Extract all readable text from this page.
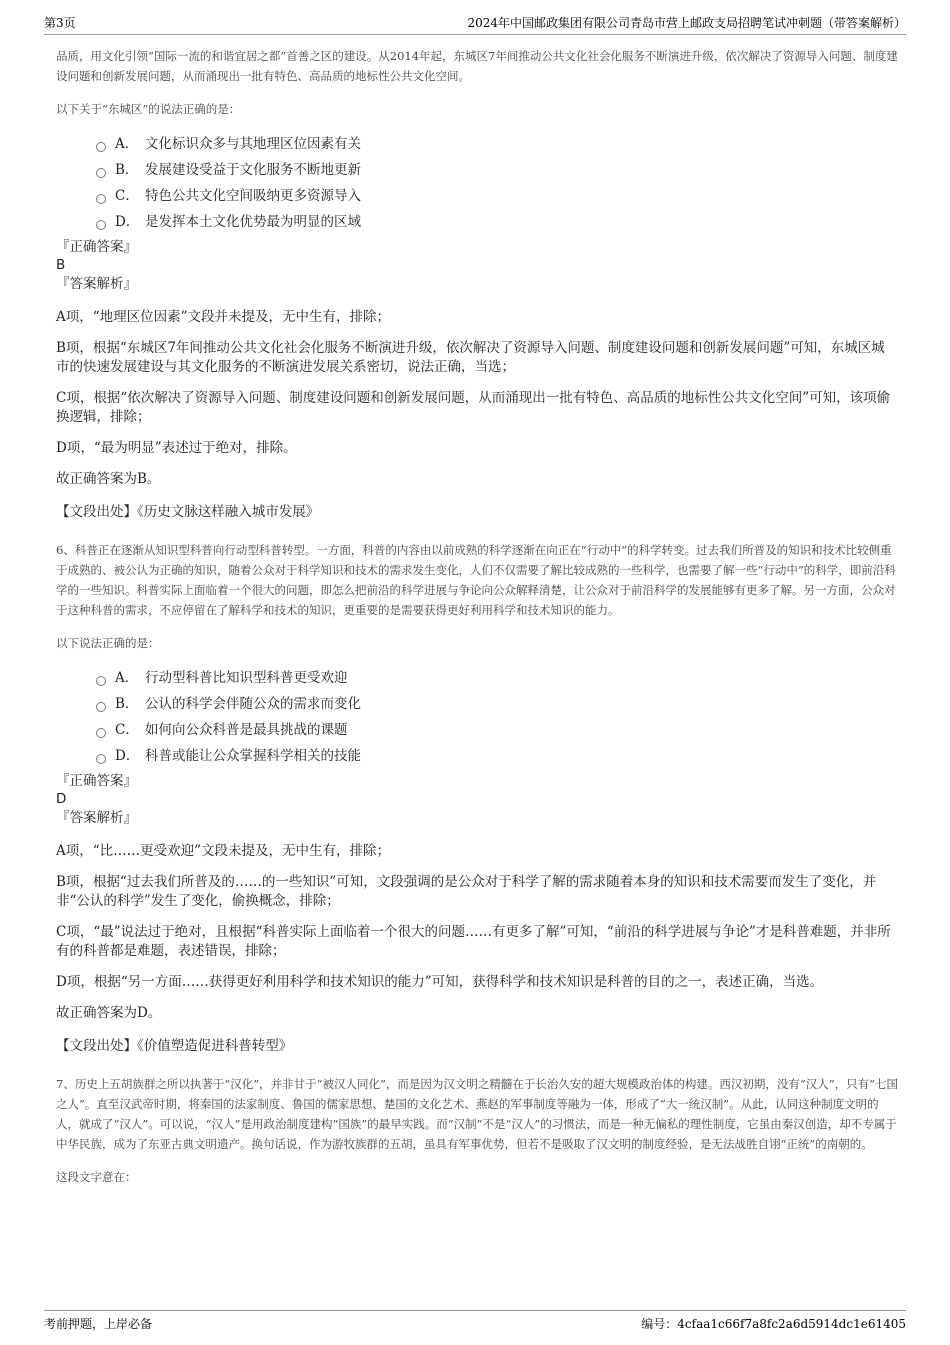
第3页	2024年中国邮政集团有限公司青岛市营上邮政支局招聘笔试冲刺题（带答案解析）

品质，用文化引领“国际一流的和谐宜居之都”首善之区的建设。从2014年起，东城区7年间推动公共文化社会化服务不断演进升级，依次解决了资源导入问题、制度建设问题和创新发展问题，从而涌现出一批有特色、高品质的地标性公共文化空间。

以下关于“东城区”的说法正确的是：

A． 文化标识众多与其地理区位因素有关
B． 发展建设受益于文化服务不断地更新
C． 特色公共文化空间吸纳更多资源导入
D． 是发挥本土文化优势最为明显的区域

『正确答案』

B

『答案解析』

A项，“地理区位因素”文段并未提及，无中生有，排除；

B项，根据“东城区7年间推动公共文化社会化服务不断演进升级，依次解决了资源导入问题、制度建设问题和创新发展问题”可知，东城区城市的快速发展建设与其文化服务的不断演进发展关系密切，说法正确，当选；

C项，根据“依次解决了资源导入问题、制度建设问题和创新发展问题，从而涌现出一批有特色、高品质的地标性公共文化空间”可知，该项偷换逻辑，排除；

D项，“最为明显”表述过于绝对，排除。

故正确答案为B。

【文段出处】《历史文脉这样融入城市发展》

6、科普正在逐渐从知识型科普向行动型科普转型。一方面，科普的内容由以前成熟的科学逐渐在向正在“行动中”的科学转变。过去我们所普及的知识和技术比较侧重于成熟的、被公认为正确的知识，随着公众对于科学知识和技术的需求发生变化，人们不仅需要了解比较成熟的一些科学，也需要了解一些“行动中”的科学，即前沿科学的一些知识。科普实际上面临着一个很大的问题，即怎么把前沿的科学进展与争论向公众解释清楚，让公众对于前沿科学的发展能够有更多了解。另一方面，公众对于这种科普的需求，不应停留在了解科学和技术的知识，更重要的是需要获得更好利用科学和技术知识的能力。

以下说法正确的是：

A． 行动型科普比知识型科普更受欢迎
B． 公认的科学会伴随公众的需求而变化
C． 如何向公众科普是最具挑战的课题
D． 科普或能让公众掌握科学相关的技能

『正确答案』

D

『答案解析』

A项，“比……更受欢迎”文段未提及，无中生有，排除；

B项，根据“过去我们所普及的……的一些知识”可知，文段强调的是公众对于科学了解的需求随着本身的知识和技术需要而发生了变化，并非“公认的科学”发生了变化，偷换概念，排除；

C项，“最”说法过于绝对，且根据“科普实际上面临着一个很大的问题……有更多了解”可知，“前沿的科学进展与争论”才是科普难题，并非所有的科普都是难题，表述错误，排除；

D项，根据“另一方面……获得更好利用科学和技术知识的能力”可知，获得科学和技术知识是科普的目的之一，表述正确，当选。

故正确答案为D。

【文段出处】《价值塑造促进科普转型》

7、历史上五胡族群之所以执著于“汉化”，并非甘于“被汉人同化”，而是因为汉文明之精髓在于长治久安的超大规模政治体的构建。西汉初期，没有“汉人”，只有“七国之人”。直至汉武帝时期，将秦国的法家制度、鲁国的儒家思想、楚国的文化艺术、燕赵的军事制度等融为一体，形成了“大一统汉制”。从此，认同这种制度文明的人，就成了“汉人”。可以说，“汉人”是用政治制度建构“国族”的最早实践。而“汉制”不是“汉人”的习惯法，而是一种无偏私的理性制度，它虽由秦汉创造，却不专属于中华民族，成为了东亚古典文明遗产。换句话说，作为游牧族群的五胡，虽具有军事优势，但若不是吸取了汉文明的制度经验，是无法战胜自诩“正统”的南朝的。

这段文字意在：

考前押题，上岸必备	编号：4cfaa1c66f7a8fc2a6d5914dc1e61405
